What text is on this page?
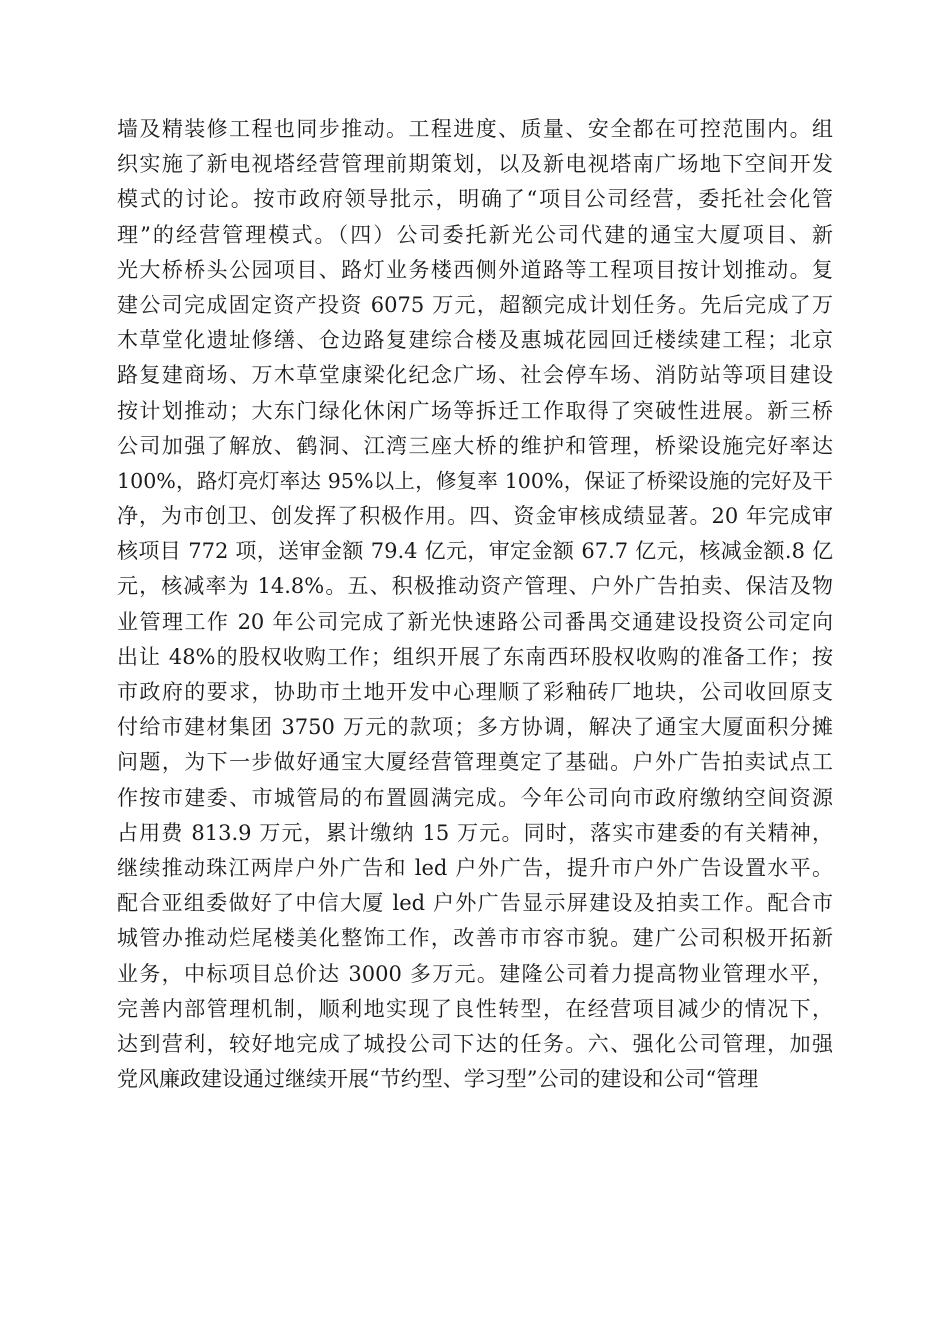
墙及精装修工程也同步推动。工程进度、质量、安全都在可控范围内。组
织实施了新电视塔经营管理前期策划，以及新电视塔南广场地下空间开发
模式的讨论。按市政府领导批示，明确了“项目公司经营，委托社会化管
理”的经营管理模式。（四）公司委托新光公司代建的通宝大厦项目、新
光大桥桥头公园项目、路灯业务楼西侧外道路等工程项目按计划推动。复
建公司完成固定资产投资 6075 万元，超额完成计划任务。先后完成了万
木草堂化遗址修缮、仓边路复建综合楼及惠城花园回迁楼续建工程；北京
路复建商场、万木草堂康梁化纪念广场、社会停车场、消防站等项目建设
按计划推动；大东门绿化休闲广场等拆迁工作取得了突破性进展。新三桥
公司加强了解放、鹤洞、江湾三座大桥的维护和管理，桥梁设施完好率达
100%，路灯亮灯率达 95%以上，修复率 100%，保证了桥梁设施的完好及干
净，为市创卫、创发挥了积极作用。四、资金审核成绩显著。20 年完成审
核项目 772 项，送审金额 79.4 亿元，审定金额 67.7 亿元，核减金额.8 亿
元，核减率为 14.8%。五、积极推动资产管理、户外广告拍卖、保洁及物
业管理工作 20 年公司完成了新光快速路公司番禺交通建设投资公司定向
出让 48%的股权收购工作；组织开展了东南西环股权收购的准备工作；按
市政府的要求，协助市土地开发中心理顺了彩釉砖厂地块，公司收回原支
付给市建材集团 3750 万元的款项；多方协调，解决了通宝大厦面积分摊
问题，为下一步做好通宝大厦经营管理奠定了基础。户外广告拍卖试点工
作按市建委、市城管局的布置圆满完成。今年公司向市政府缴纳空间资源
占用费 813.9 万元，累计缴纳 15 万元。同时，落实市建委的有关精神，
继续推动珠江两岸户外广告和 led 户外广告，提升市户外广告设置水平。
配合亚组委做好了中信大厦 led 户外广告显示屏建设及拍卖工作。配合市
城管办推动烂尾楼美化整饰工作，改善市市容市貌。建广公司积极开拓新
业务，中标项目总价达 3000 多万元。建隆公司着力提高物业管理水平，
完善内部管理机制，顺利地实现了良性转型，在经营项目减少的情况下，
达到营利，较好地完成了城投公司下达的任务。六、强化公司管理，加强
党风廉政建设通过继续开展“节约型、学习型”公司的建设和公司“管理
